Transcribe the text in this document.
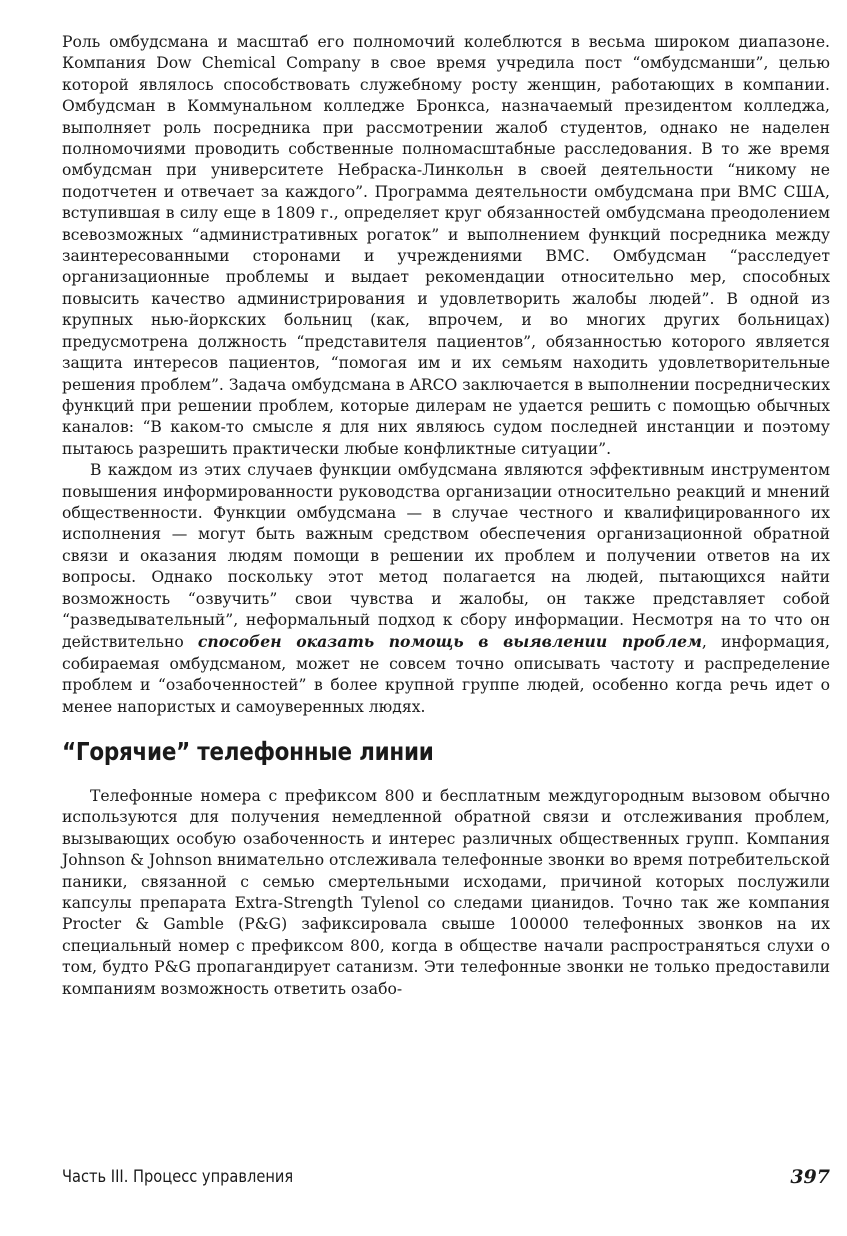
Роль омбудсмана и масштаб его полномочий колеблются в весьма широком диапазоне. Компания Dow Chemical Company в свое время учредила пост “омбудсманши”, целью которой являлось способствовать служебному росту женщин, работающих в компании. Омбудсман в Коммунальном колледже Бронкса, назначаемый президентом колледжа, выполняет роль посредника при рассмотрении жалоб студентов, однако не наделен полномочиями проводить собственные полномасштабные расследования. В то же время омбудсман при университете Небраска-Линкольн в своей деятельности “никому не подотчетен и отвечает за каждого”. Программа деятельности омбудсмана при ВМС США, вступившая в силу еще в 1809 г., определяет круг обязанностей омбудсмана преодолением всевозможных “административных рогаток” и выполнением функций посредника между заинтересованными сторонами и учреждениями ВМС. Омбудсман “расследует организационные проблемы и выдает рекомендации относительно мер, способных повысить качество администрирования и удовлетворить жалобы людей”. В одной из крупных нью-йоркских больниц (как, впрочем, и во многих других больницах) предусмотрена должность “представителя пациентов”, обязанностью которого является защита интересов пациентов, “помогая им и их семьям находить удовлетворительные решения проблем”. Задача омбудсмана в ARCO заключается в выполнении посреднических функций при решении проблем, которые дилерам не удается решить с помощью обычных каналов: “В каком-то смысле я для них являюсь судом последней инстанции и поэтому пытаюсь разрешить практически любые конфликтные ситуации”.

В каждом из этих случаев функции омбудсмана являются эффективным инструментом повышения информированности руководства организации относительно реакций и мнений общественности. Функции омбудсмана — в случае честного и квалифицированного их исполнения — могут быть важным средством обеспечения организационной обратной связи и оказания людям помощи в решении их проблем и получении ответов на их вопросы. Однако поскольку этот метод полагается на людей, пытающихся найти возможность “озвучить” свои чувства и жалобы, он также представляет собой “разведывательный”, неформальный подход к сбору информации. Несмотря на то что он действительно способен оказать помощь в выявлении проблем, информация, собираемая омбудсманом, может не совсем точно описывать частоту и распределение проблем и “озабоченностей” в более крупной группе людей, особенно когда речь идет о менее напористых и самоуверенных людях.

“Горячие” телефонные линии

Телефонные номера с префиксом 800 и бесплатным междугородным вызовом обычно используются для получения немедленной обратной связи и отслеживания проблем, вызывающих особую озабоченность и интерес различных общественных групп. Компания Johnson & Johnson внимательно отслеживала телефонные звонки во время потребительской паники, связанной с семью смертельными исходами, причиной которых послужили капсулы препарата Extra-Strength Tylenol со следами цианидов. Точно так же компания Procter & Gamble (P&G) зафиксировала свыше 100000 телефонных звонков на их специальный номер с префиксом 800, когда в обществе начали распространяться слухи о том, будто P&G пропагандирует сатанизм. Эти телефонные звонки не только предоставили компаниям возможность ответить озабо-

Часть III. Процесс управления	397
